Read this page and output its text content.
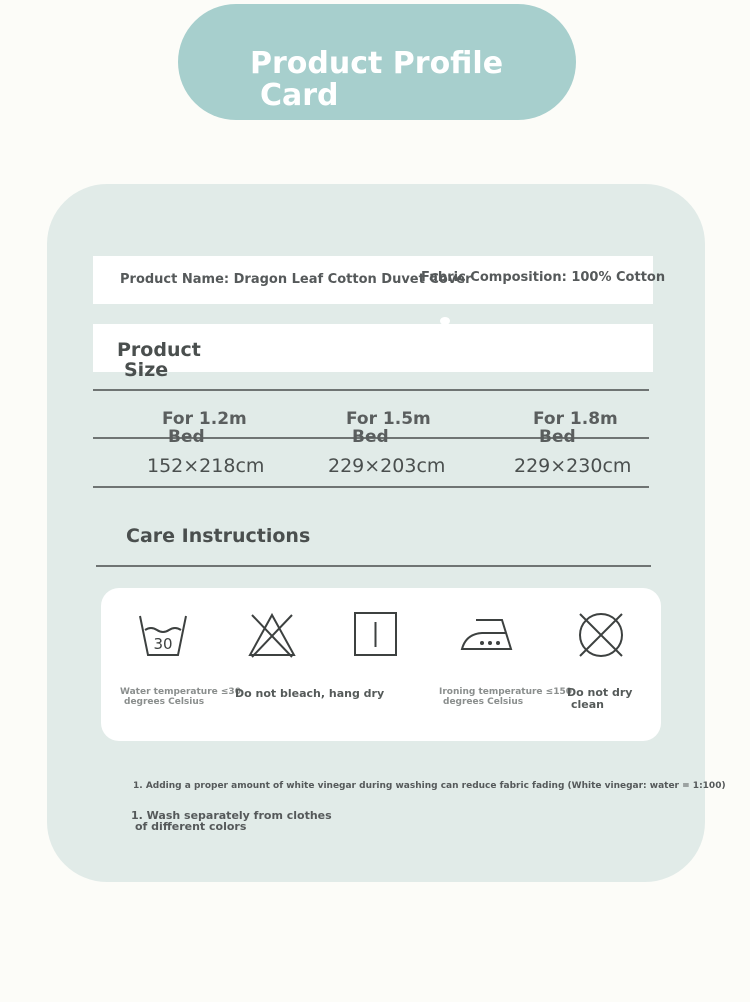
Product Profile
Card
Product Name: Dragon Leaf Cotton Duvet Cover
Fabric Composition: 100% Cotton
Product
Size
For 1.2m
Bed
For 1.5m
Bed
For 1.8m
Bed
152×218cm	229×203cm	229×230cm
Care Instructions
30
Water temperature ≤30
degrees Celsius
Do not bleach, hang dry	Ironing temperature ≤150
degrees Celsius
Do not dry
clean
1. Adding a proper amount of white vinegar during washing can reduce fabric fading (White vinegar: water = 1:100)
1. Wash separately from clothes
of different colors
